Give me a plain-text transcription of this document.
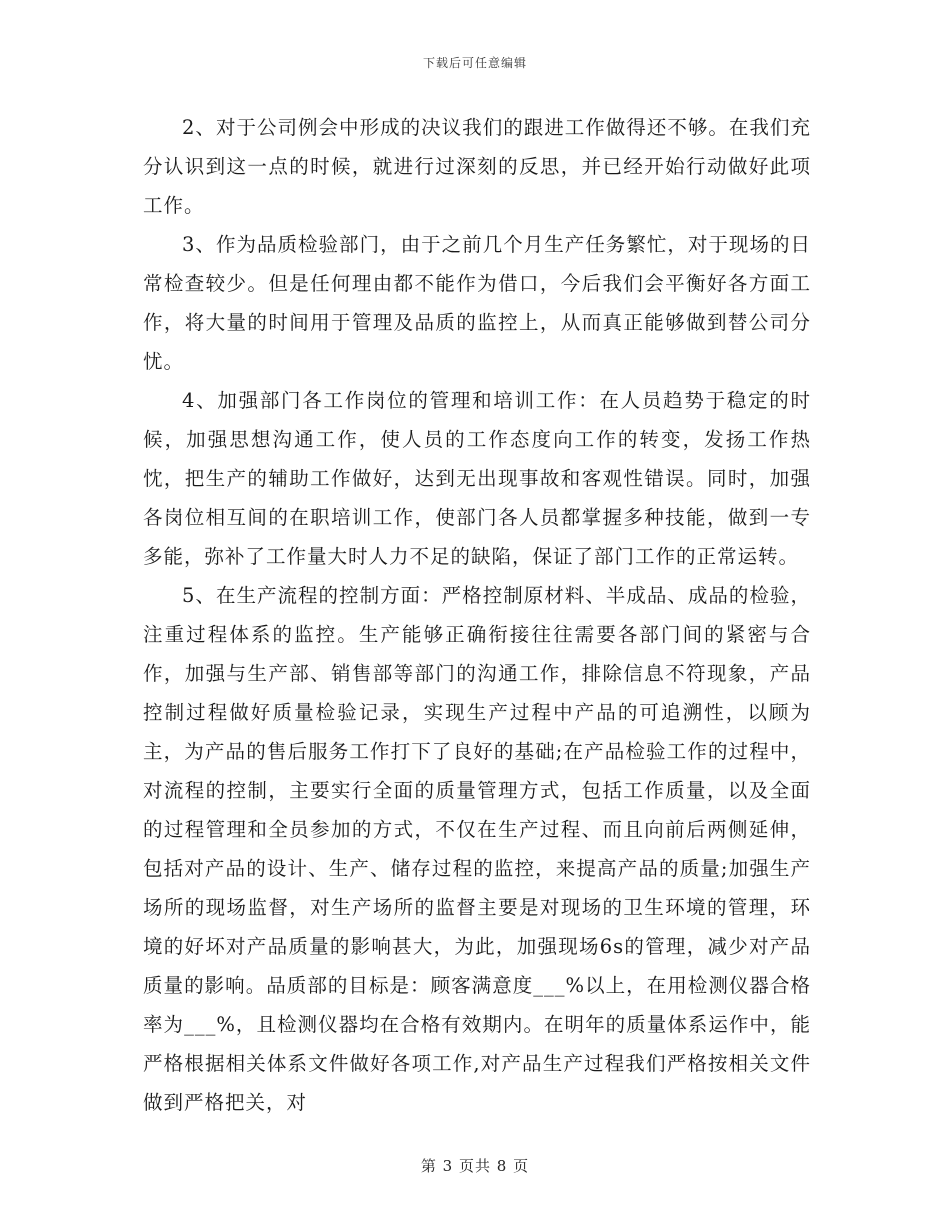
下载后可任意编辑

2、对于公司例会中形成的决议我们的跟进工作做得还不够。在我们充分认识到这一点的时候，就进行过深刻的反思，并已经开始行动做好此项工作。

3、作为品质检验部门，由于之前几个月生产任务繁忙，对于现场的日常检查较少。但是任何理由都不能作为借口，今后我们会平衡好各方面工作，将大量的时间用于管理及品质的监控上，从而真正能够做到替公司分忧。

4、加强部门各工作岗位的管理和培训工作：在人员趋势于稳定的时候，加强思想沟通工作，使人员的工作态度向工作的转变，发扬工作热忱，把生产的辅助工作做好，达到无出现事故和客观性错误。同时，加强各岗位相互间的在职培训工作，使部门各人员都掌握多种技能，做到一专多能，弥补了工作量大时人力不足的缺陷，保证了部门工作的正常运转。

5、在生产流程的控制方面：严格控制原材料、半成品、成品的检验，注重过程体系的监控。生产能够正确衔接往往需要各部门间的紧密与合作，加强与生产部、销售部等部门的沟通工作，排除信息不符现象，产品控制过程做好质量检验记录，实现生产过程中产品的可追溯性，以顾为主，为产品的售后服务工作打下了良好的基础;在产品检验工作的过程中，对流程的控制，主要实行全面的质量管理方式，包括工作质量，以及全面的过程管理和全员参加的方式，不仅在生产过程、而且向前后两侧延伸，包括对产品的设计、生产、储存过程的监控，来提高产品的质量;加强生产场所的现场监督，对生产场所的监督主要是对现场的卫生环境的管理，环境的好坏对产品质量的影响甚大，为此，加强现场6s的管理，减少对产品质量的影响。品质部的目标是：顾客满意度___%以上，在用检测仪器合格率为___%，且检测仪器均在合格有效期内。在明年的质量体系运作中，能严格根据相关体系文件做好各项工作,对产品生产过程我们严格按相关文件做到严格把关，对

第 3 页共 8 页
